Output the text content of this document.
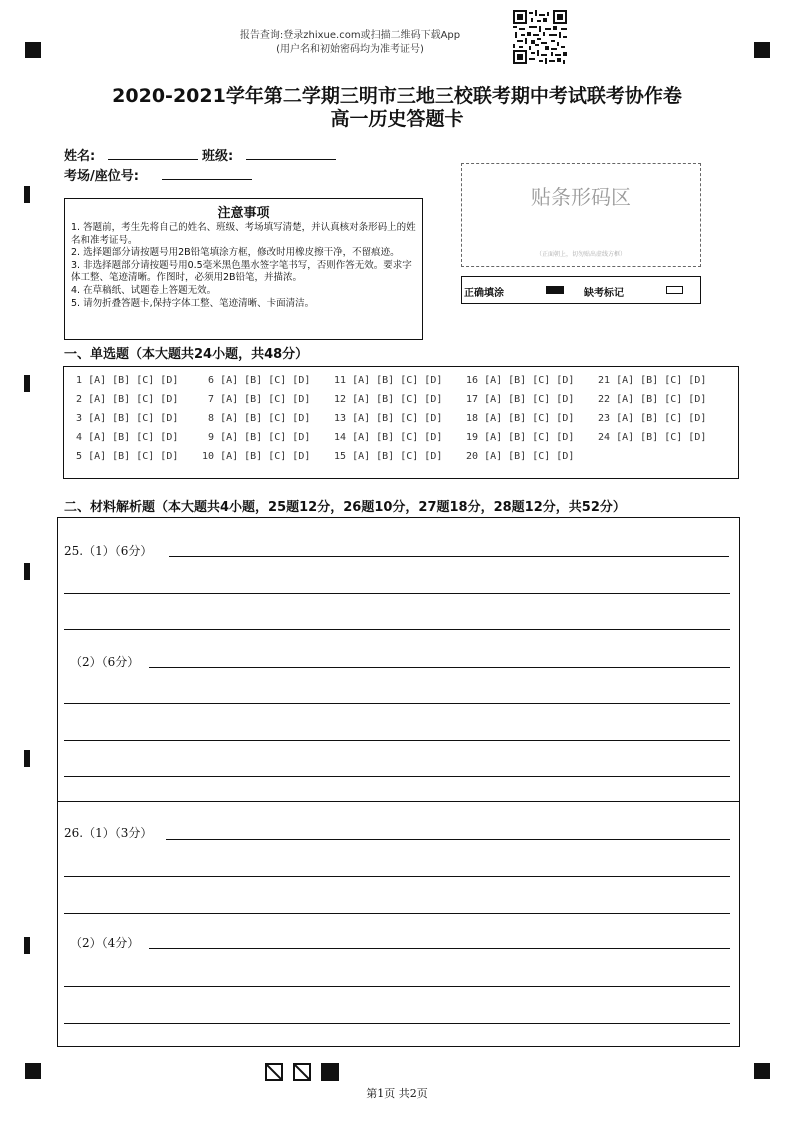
报告查询:登录zhixue.com或扫描二维码下载App
(用户名和初始密码均为准考证号)
2020-2021学年第二学期三明市三地三校联考期中考试联考协作卷
高一历史答题卡
姓名:	班级:
考场/座位号:
注意事项

1. 答题前，考生先将自己的姓名、班级、考场填写清楚，并认真核对条形码上的姓名和准考证号。

2. 选择题部分请按题号用2B铅笔填涂方框，修改时用橡皮擦干净，不留痕迹。

3. 非选择题部分请按题号用0.5毫米黑色墨水签字笔书写，否则作答无效。要求字体工整、笔迹清晰。作图时，必须用2B铅笔，并描浓。

4. 在草稿纸、试题卷上答题无效。

5. 请勿折叠答题卡,保持字体工整、笔迹清晰、卡面清洁。

贴条形码区
（正面朝上，切勿贴出虚线方框）
正确填涂	缺考标记
一、单选题（本大题共24小题，共48分）
1 [A] [B] [C] [D]
2 [A] [B] [C] [D]
3 [A] [B] [C] [D]
4 [A] [B] [C] [D]
5 [A] [B] [C] [D]
6 [A] [B] [C] [D]
7 [A] [B] [C] [D]
8 [A] [B] [C] [D]
9 [A] [B] [C] [D]
10 [A] [B] [C] [D]
11 [A] [B] [C] [D]
12 [A] [B] [C] [D]
13 [A] [B] [C] [D]
14 [A] [B] [C] [D]
15 [A] [B] [C] [D]
16 [A] [B] [C] [D]
17 [A] [B] [C] [D]
18 [A] [B] [C] [D]
19 [A] [B] [C] [D]
20 [A] [B] [C] [D]
21 [A] [B] [C] [D]
22 [A] [B] [C] [D]
23 [A] [B] [C] [D]
24 [A] [B] [C] [D]
二、材料解析题（本大题共4小题，25题12分，26题10分，27题18分，28题12分，共52分）
25.（1）（6分）
（2）（6分）
26.（1）（3分）
（2）（4分）
第1页 共2页
